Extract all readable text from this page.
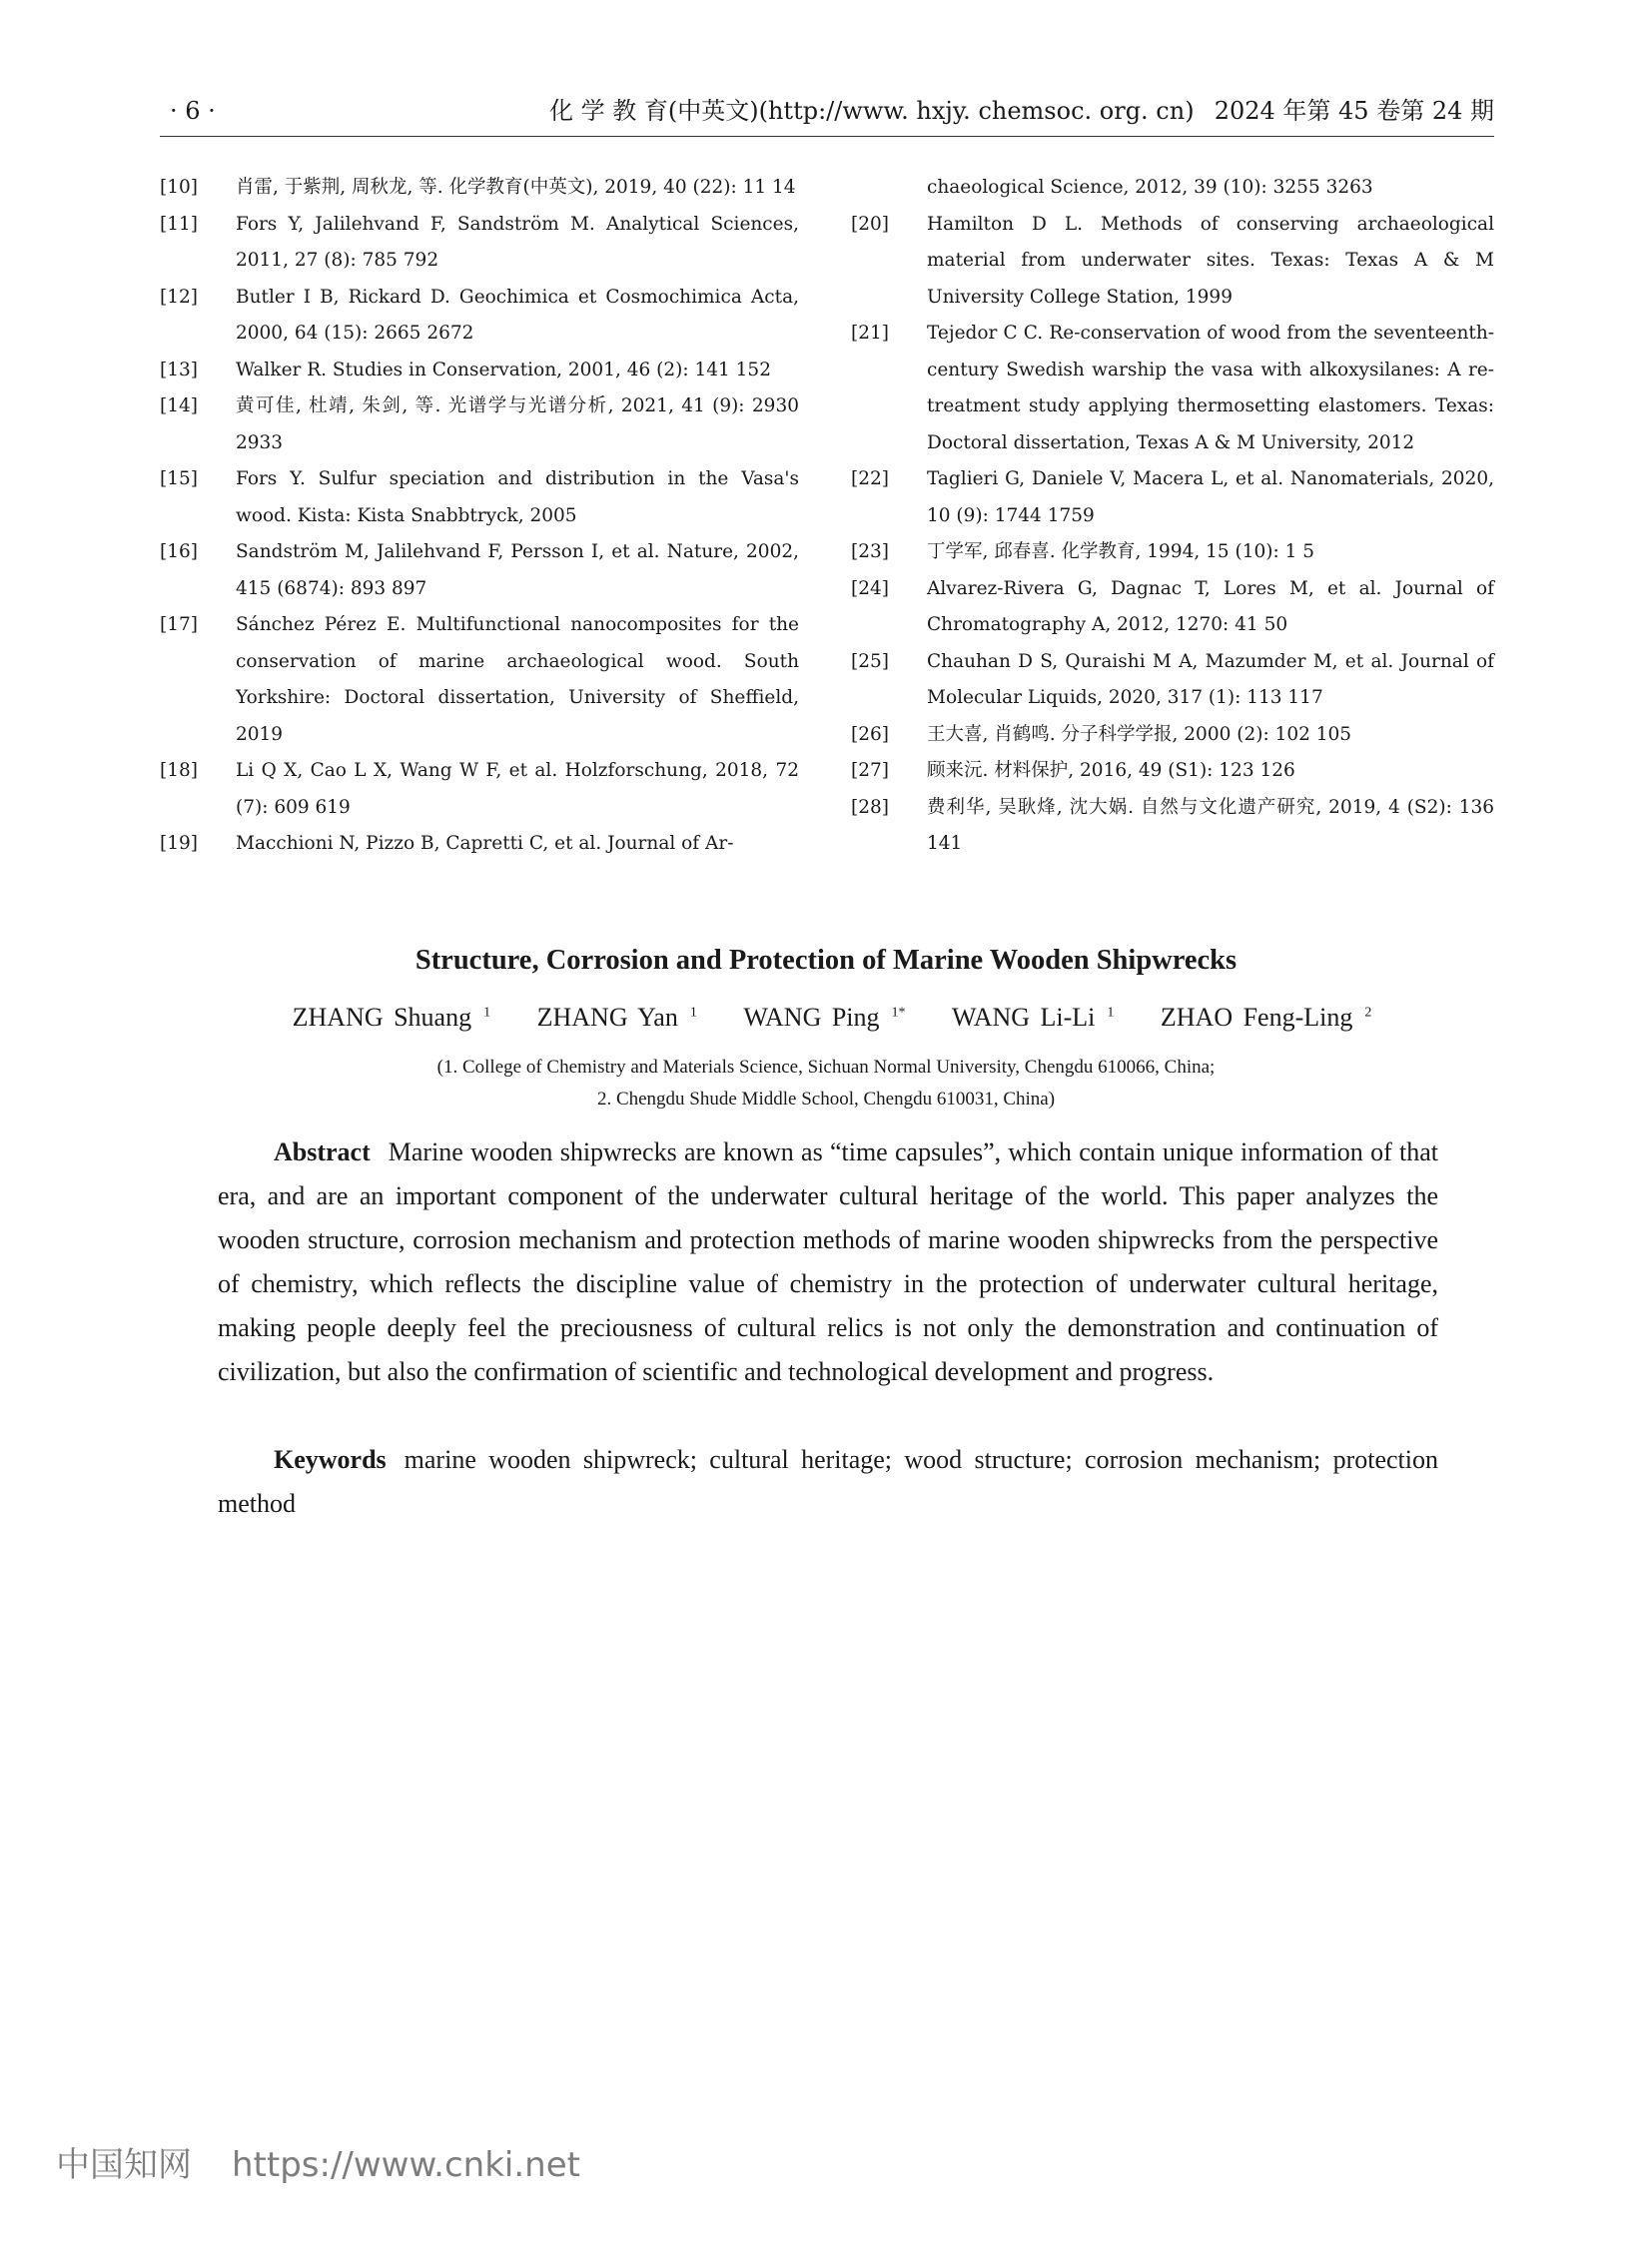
· 6 ·	化 学 教 育(中英文)(http://www. hxjy. chemsoc. org. cn) 2024 年第 45 卷第 24 期
[10] 肖雷, 于紫荆, 周秋龙, 等. 化学教育(中英文), 2019, 40 (22): 11 14
[11] Fors Y, Jalilehvand F, Sandström M. Analytical Sciences, 2011, 27 (8): 785 792
[12] Butler I B, Rickard D. Geochimica et Cosmochimica Acta, 2000, 64 (15): 2665 2672
[13] Walker R. Studies in Conservation, 2001, 46 (2): 141 152
[14] 黄可佳, 杜靖, 朱剑, 等. 光谱学与光谱分析, 2021, 41 (9): 2930 2933
[15] Fors Y. Sulfur speciation and distribution in the Vasa's wood. Kista: Kista Snabbtryck, 2005
[16] Sandström M, Jalilehvand F, Persson I, et al. Nature, 2002, 415 (6874): 893 897
[17] Sánchez Pérez E. Multifunctional nanocomposites for the conservation of marine archaeological wood. South Yorkshire: Doctoral dissertation, University of Sheffield, 2019
[18] Li Q X, Cao L X, Wang W F, et al. Holzforschung, 2018, 72 (7): 609 619
[19] Macchioni N, Pizzo B, Capretti C, et al. Journal of Ar-
chaeological Science, 2012, 39 (10): 3255 3263
[20] Hamilton D L. Methods of conserving archaeological material from underwater sites. Texas: Texas A & M University College Station, 1999
[21] Tejedor C C. Re-conservation of wood from the seventeenth-century Swedish warship the vasa with alkoxysilanes: A re-treatment study applying thermosetting elastomers. Texas: Doctoral dissertation, Texas A & M University, 2012
[22] Taglieri G, Daniele V, Macera L, et al. Nanomaterials, 2020, 10 (9): 1744 1759
[23] 丁学军, 邱春喜. 化学教育, 1994, 15 (10): 1 5
[24] Alvarez-Rivera G, Dagnac T, Lores M, et al. Journal of Chromatography A, 2012, 1270: 41 50
[25] Chauhan D S, Quraishi M A, Mazumder M, et al. Journal of Molecular Liquids, 2020, 317 (1): 113 117
[26] 王大喜, 肖鹤鸣. 分子科学学报, 2000 (2): 102 105
[27] 顾来沅. 材料保护, 2016, 49 (S1): 123 126
[28] 费利华, 吴耿烽, 沈大娲. 自然与文化遗产研究, 2019, 4 (S2): 136 141
Structure, Corrosion and Protection of Marine Wooden Shipwrecks
ZHANG Shuang $^1$ ZHANG Yan $^1$ WANG Ping $^{1*}$ WANG Li-Li $^1$ ZHAO Feng-Ling $^2$
(1. College of Chemistry and Materials Science, Sichuan Normal University, Chengdu 610066, China;
2. Chengdu Shude Middle School, Chengdu 610031, China)
Abstract Marine wooden shipwrecks are known as “time capsules”, which contain unique information of that era, and are an important component of the underwater cultural heritage of the world. This paper analyzes the wooden structure, corrosion mechanism and protection methods of marine wooden shipwrecks from the perspective of chemistry, which reflects the discipline value of chemistry in the protection of underwater cultural heritage, making people deeply feel the preciousness of cultural relics is not only the demonstration and continuation of civilization, but also the confirmation of scientific and technological development and progress.
Keywords marine wooden shipwreck; cultural heritage; wood structure; corrosion mechanism; protection method
中国知网 https://www.cnki.net
